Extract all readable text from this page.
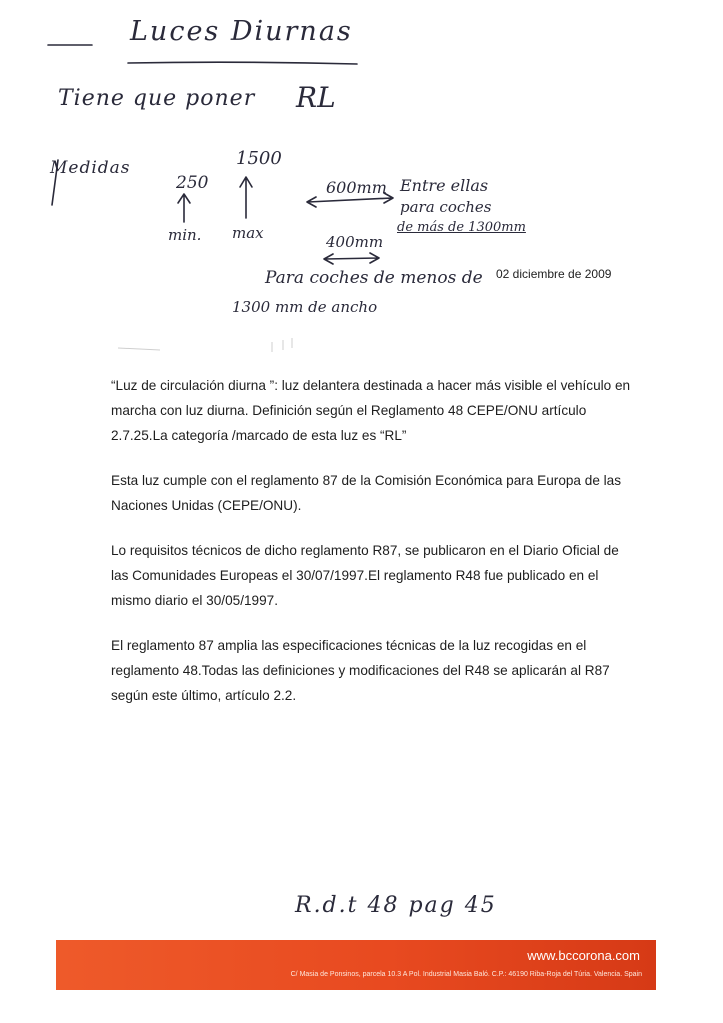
Luces Diurnas
Tiene que poner RL
Medidas	1500
250
min. max
600mm Entre ellas
para coches
de más de 1300mm
400mm
Para coches de menos de
1300 mm de ancho
R.d.t 48 pag 45
02 diciembre de 2009

“Luz de circulación diurna ”: luz delantera destinada a hacer más visible el vehículo en marcha con luz diurna. Definición según el Reglamento 48 CEPE/ONU artículo 2.7.25.La categoría /marcado de esta luz es “RL”

Esta luz cumple con el reglamento 87 de la Comisión Económica para Europa de las Naciones Unidas (CEPE/ONU).

Lo requisitos técnicos de dicho reglamento R87, se publicaron en el Diario Oficial de las Comunidades Europeas el 30/07/1997.El reglamento R48 fue publicado en el mismo diario el 30/05/1997.

El reglamento 87 amplia las especificaciones técnicas de la luz recogidas en el reglamento 48.Todas las definiciones y modificaciones del R48 se aplicarán al R87 según este último, artículo 2.2.

www.bccorona.com
C/ Masia de Ponsinos, parcela 10.3 A Pol. Industrial Masia Baló. C.P.: 46190 Riba-Roja del Túria. Valencia. Spain
